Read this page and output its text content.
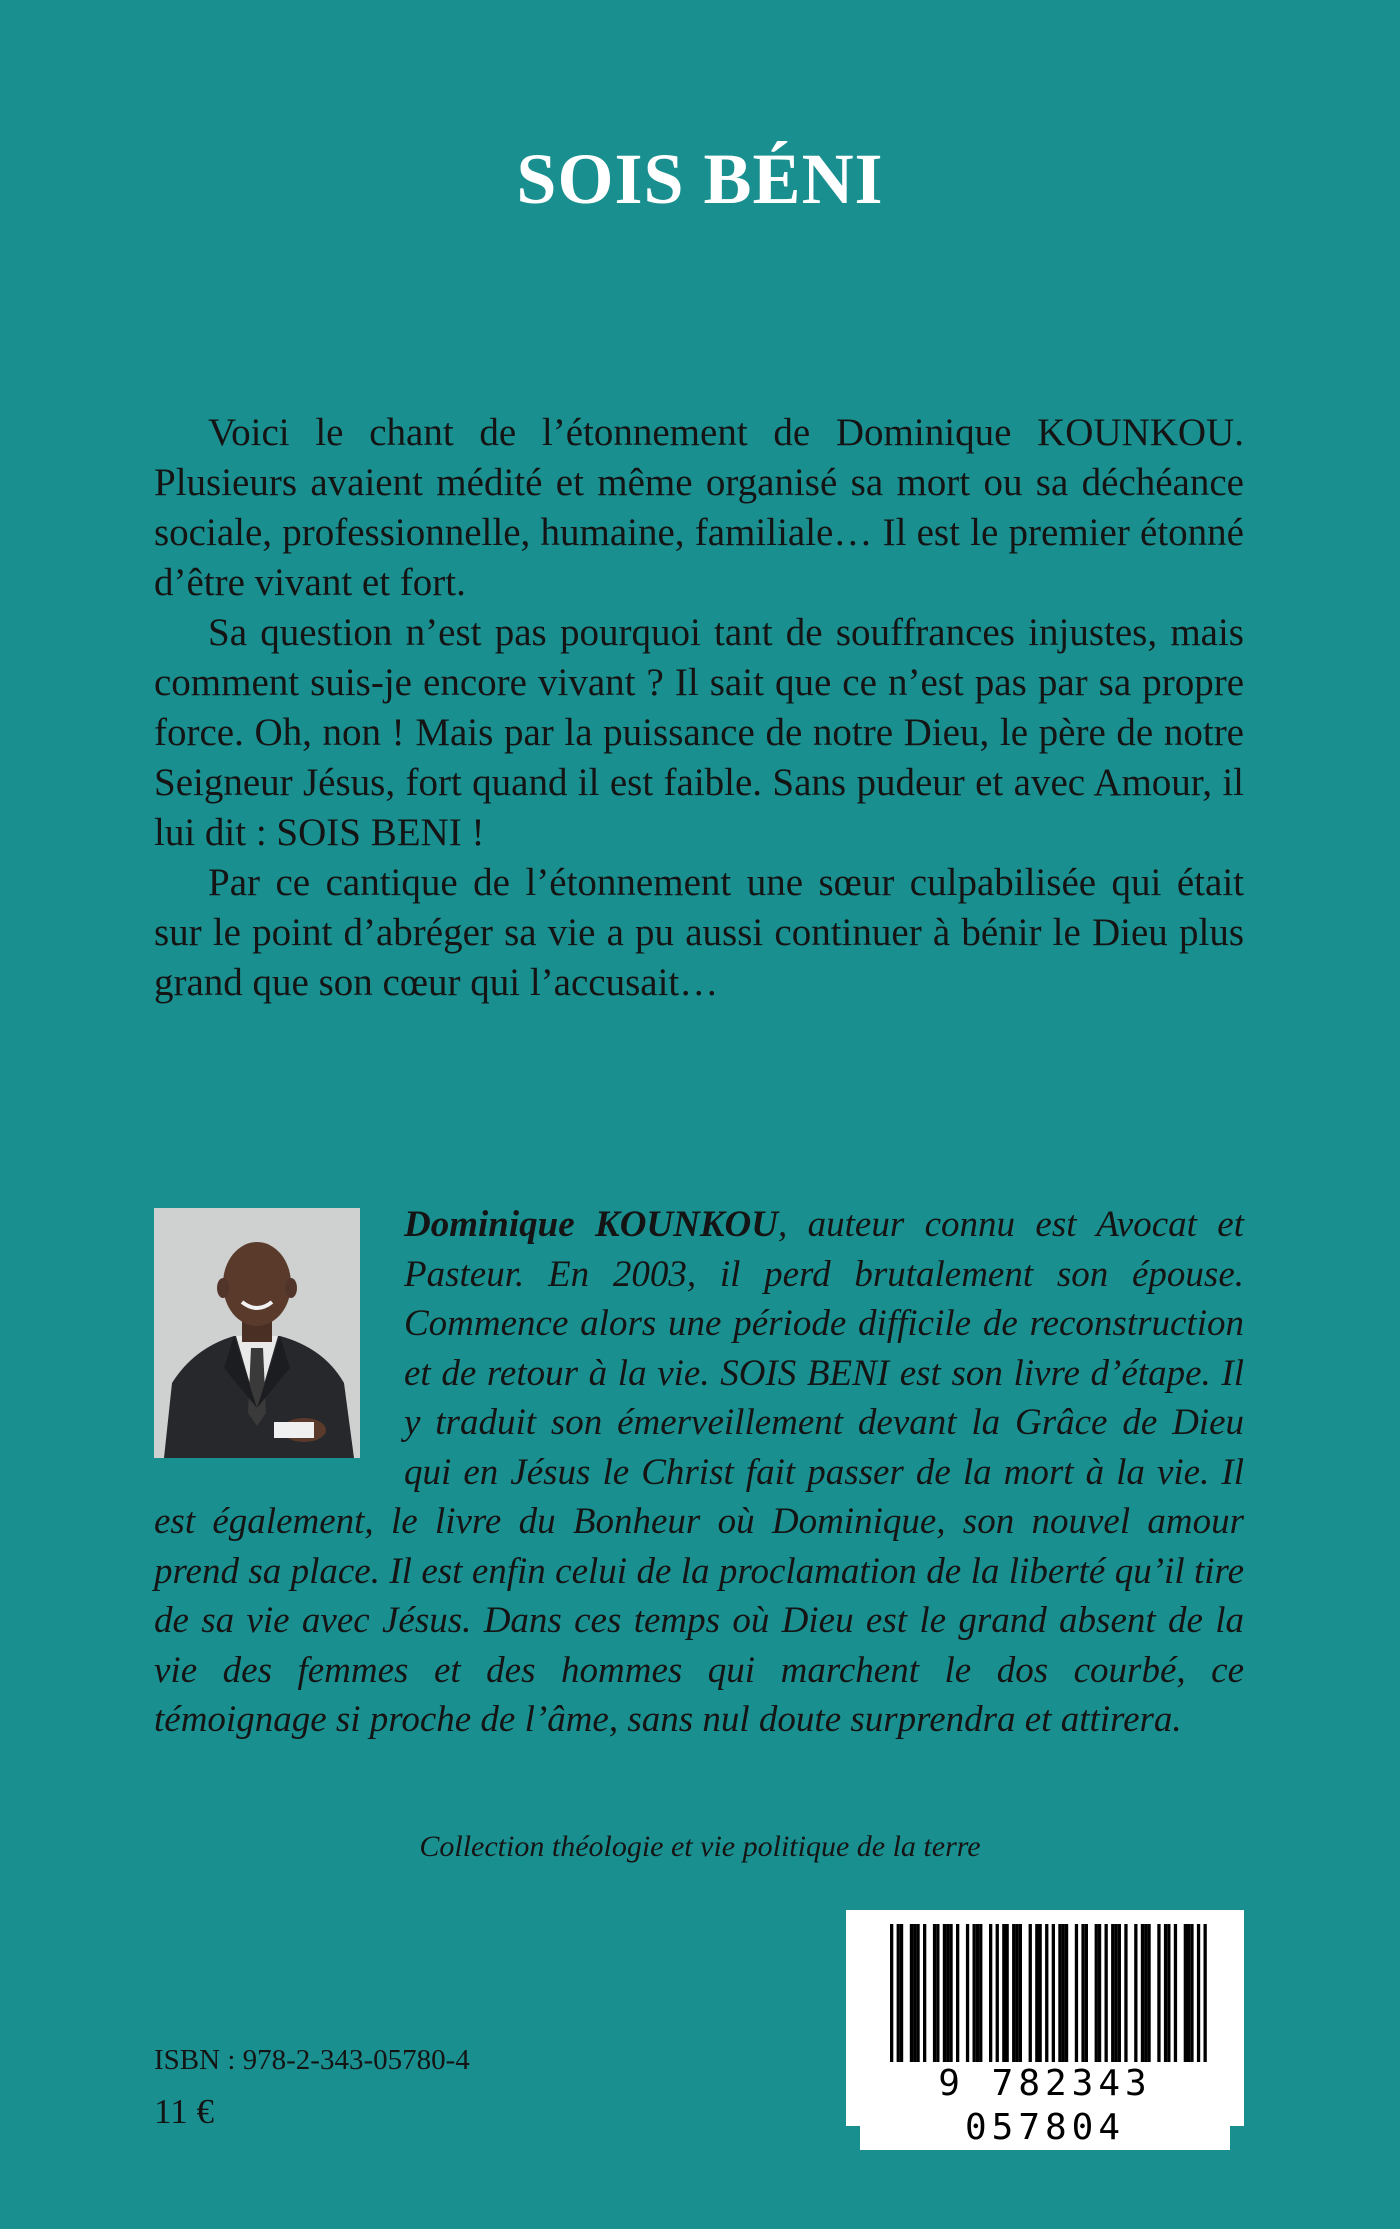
SOIS BÉNI

Voici le chant de l’étonnement de Dominique KOUNKOU. Plusieurs avaient médité et même organisé sa mort ou sa déchéance sociale, professionnelle, humaine, familiale… Il est le premier étonné d’être vivant et fort.

Sa question n’est pas pourquoi tant de souffrances injustes, mais comment suis-je encore vivant ? Il sait que ce n’est pas par sa propre force. Oh, non ! Mais par la puissance de notre Dieu, le père de notre Seigneur Jésus, fort quand il est faible. Sans pudeur et avec Amour, il lui dit : SOIS BENI !

Par ce cantique de l’étonnement une sœur culpabilisée qui était sur le point d’abréger sa vie a pu aussi continuer à bénir le Dieu plus grand que son cœur qui l’accusait…

Dominique KOUNKOU, auteur connu est Avocat et Pasteur. En 2003, il perd brutalement son épouse. Commence alors une période difficile de reconstruction et de retour à la vie. SOIS BENI est son livre d’étape. Il y traduit son émerveillement devant la Grâce de Dieu qui en Jésus le Christ fait passer de la mort à la vie. Il est également, le livre du Bonheur où Dominique, son nouvel amour prend sa place. Il est enfin celui de la proclamation de la liberté qu’il tire de sa vie avec Jésus. Dans ces temps où Dieu est le grand absent de la vie des femmes et des hommes qui marchent le dos courbé, ce témoignage si proche de l’âme, sans nul doute surprendra et attirera.
Collection théologie et vie politique de la terre
ISBN : 978-2-343-05780-4
11 €
9 782343 057804
